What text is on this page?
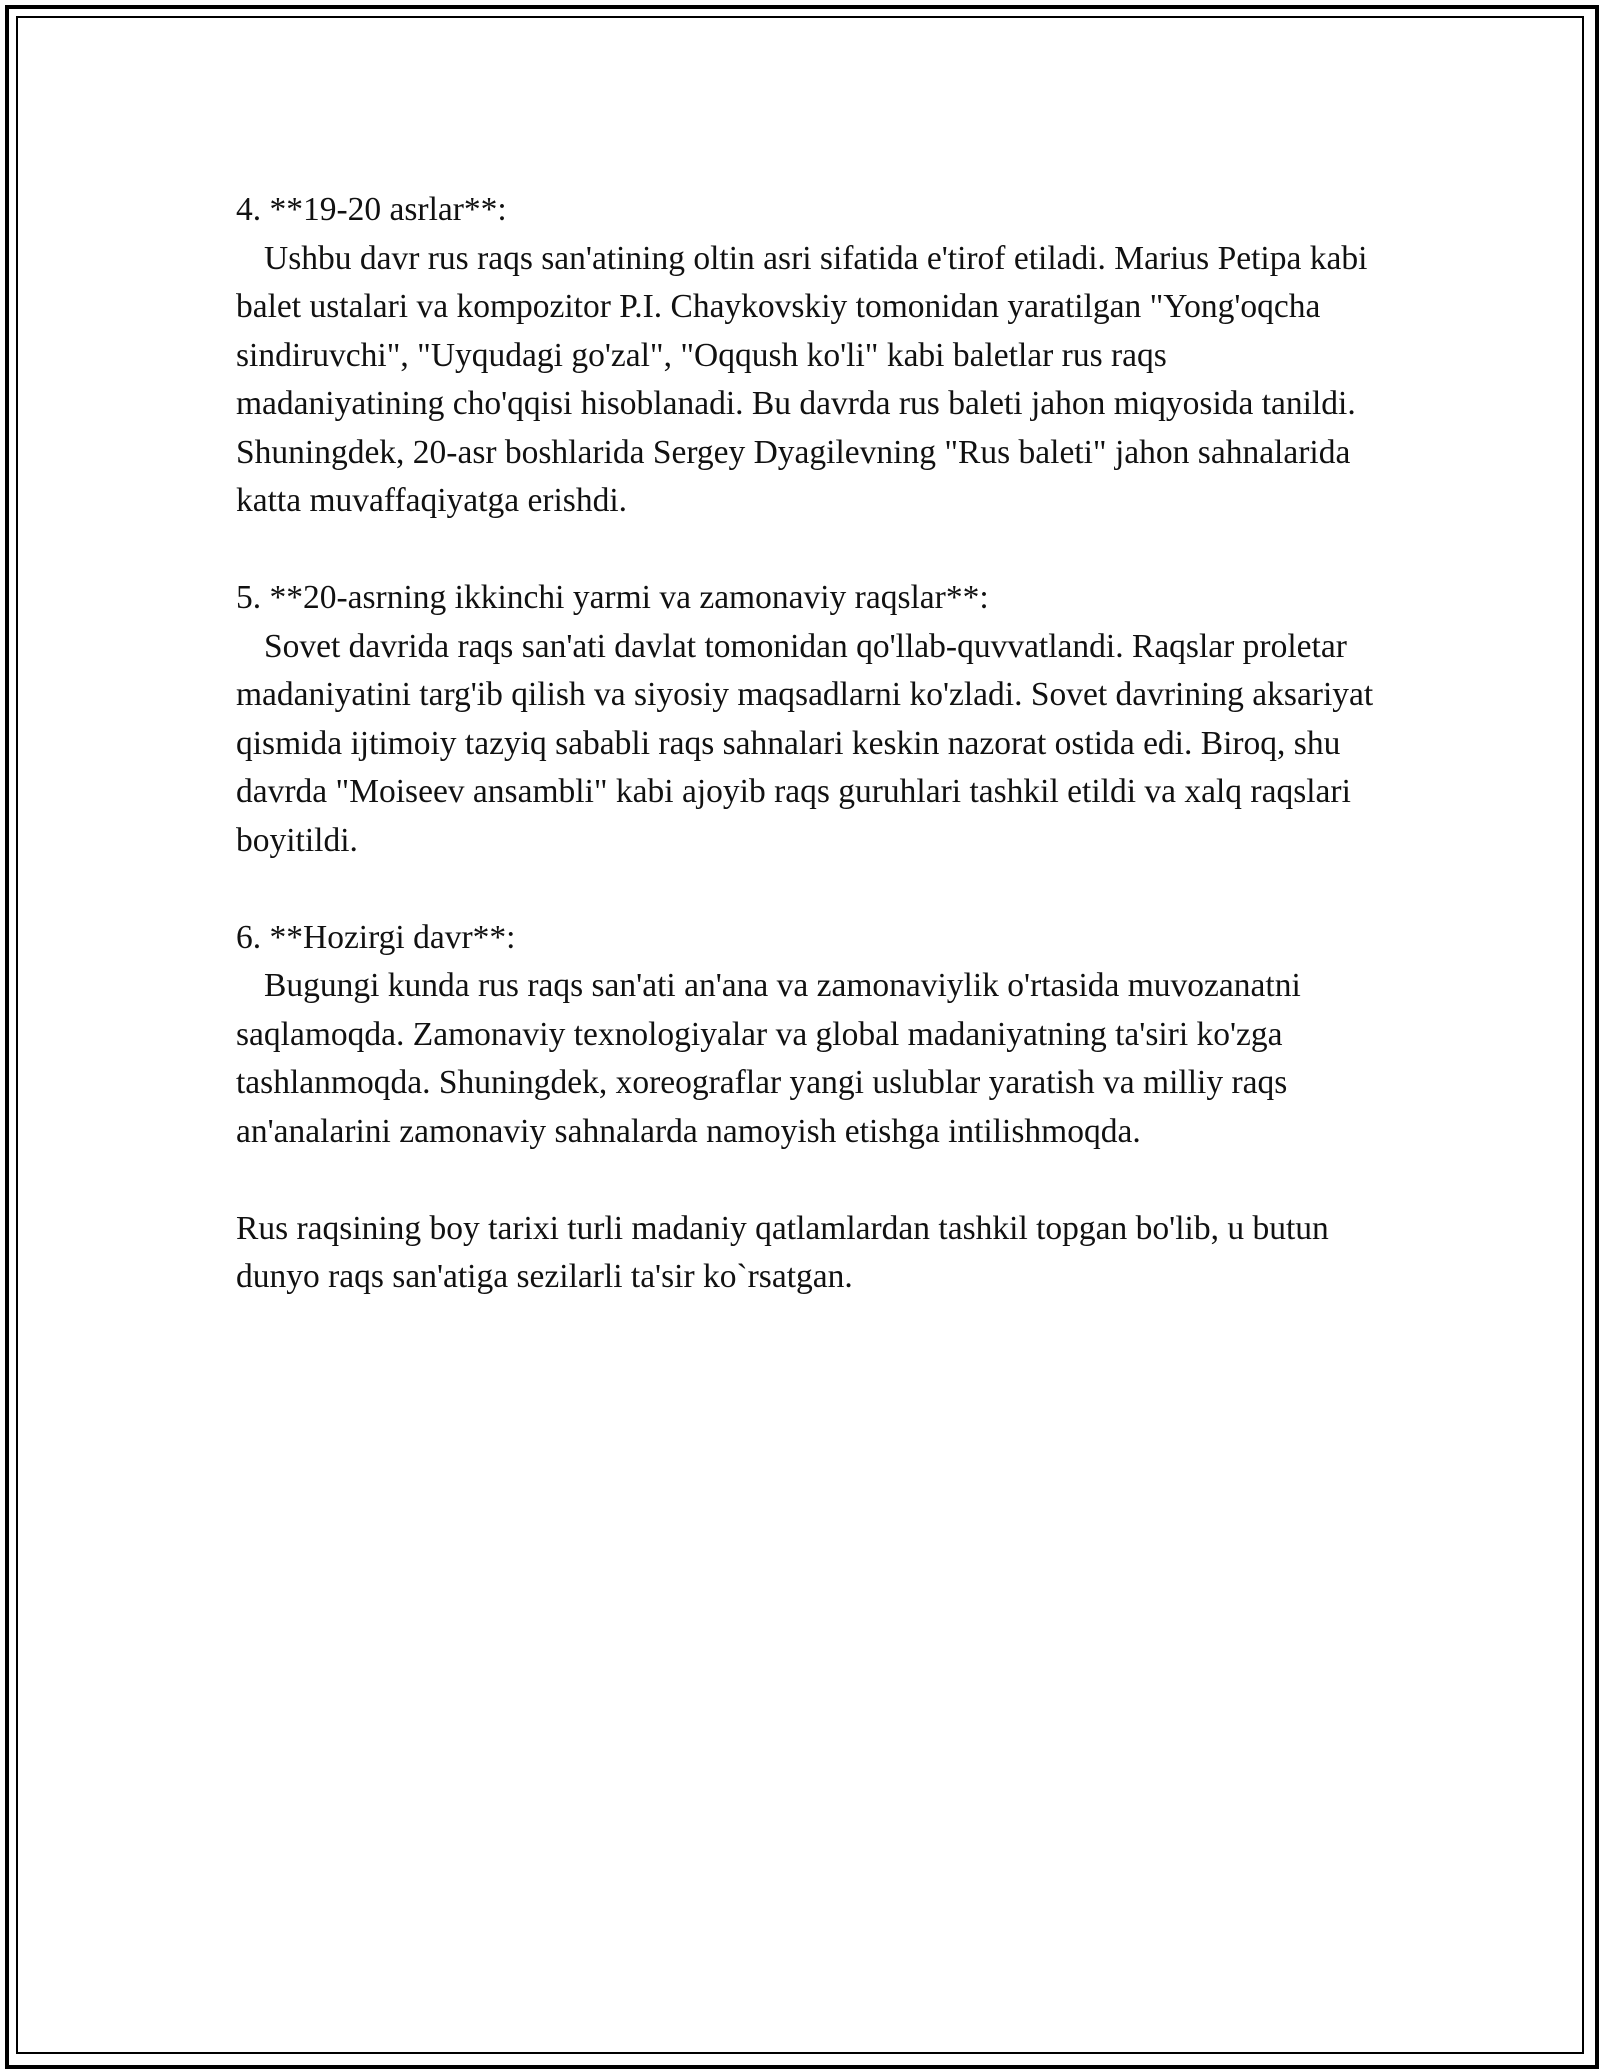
4. **19-20 asrlar**:

Ushbu davr rus raqs san'atining oltin asri sifatida e'tirof etiladi. Marius Petipa kabi balet ustalari va kompozitor P.I. Chaykovskiy tomonidan yaratilgan "Yong'oqcha sindiruvchi", "Uyqudagi go'zal", "Oqqush ko'li" kabi baletlar rus raqs madaniyatining cho'qqisi hisoblanadi. Bu davrda rus baleti jahon miqyosida tanildi. Shuningdek, 20-asr boshlarida Sergey Dyagilevning "Rus baleti" jahon sahnalarida katta muvaffaqiyatga erishdi.

5. **20-asrning ikkinchi yarmi va zamonaviy raqslar**:

Sovet davrida raqs san'ati davlat tomonidan qo'llab-quvvatlandi. Raqslar proletar madaniyatini targ'ib qilish va siyosiy maqsadlarni ko'zladi. Sovet davrining aksariyat qismida ijtimoiy tazyiq sababli raqs sahnalari keskin nazorat ostida edi. Biroq, shu davrda "Moiseev ansambli" kabi ajoyib raqs guruhlari tashkil etildi va xalq raqslari boyitildi.

6. **Hozirgi davr**:

Bugungi kunda rus raqs san'ati an'ana va zamonaviylik o'rtasida muvozanatni saqlamoqda. Zamonaviy texnologiyalar va global madaniyatning ta'siri ko'zga tashlanmoqda. Shuningdek, xoreograflar yangi uslublar yaratish va milliy raqs an'analarini zamonaviy sahnalarda namoyish etishga intilishmoqda.

Rus raqsining boy tarixi turli madaniy qatlamlardan tashkil topgan bo'lib, u butun dunyo raqs san'atiga sezilarli ta'sir ko`rsatgan.
